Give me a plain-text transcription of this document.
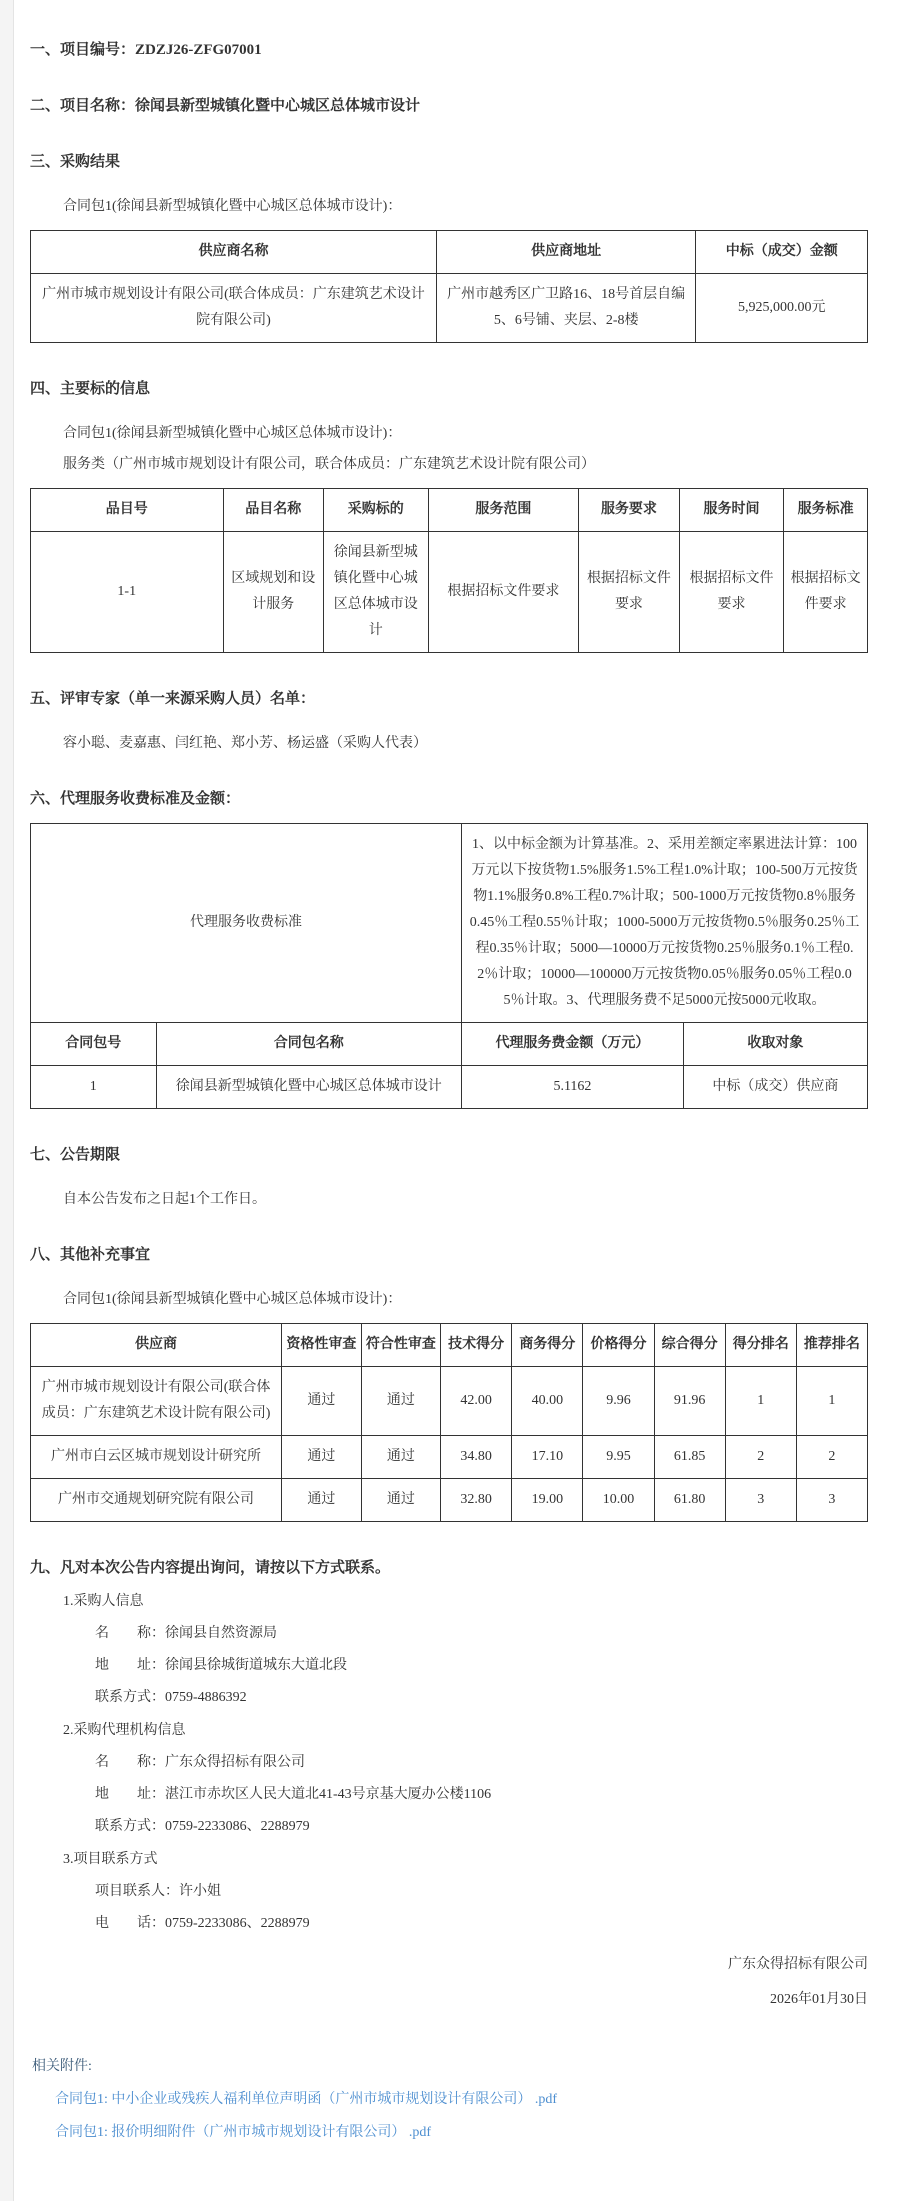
一、项目编号：ZDZJ26-ZFG07001
二、项目名称：徐闻县新型城镇化暨中心城区总体城市设计
三、采购结果
合同包1(徐闻县新型城镇化暨中心城区总体城市设计)：
供应商名称	供应商地址	中标（成交）金额
广州市城市规划设计有限公司(联合体成员：广东建筑艺术设计院有限公司)	广州市越秀区广卫路16、18号首层自编5、6号铺、夹层、2-8楼	5,925,000.00元
四、主要标的信息
合同包1(徐闻县新型城镇化暨中心城区总体城市设计)：
服务类（广州市城市规划设计有限公司，联合体成员：广东建筑艺术设计院有限公司）
品目号	品目名称	采购标的	服务范围	服务要求	服务时间	服务标准
1-1	区域规划和设计服务	徐闻县新型城镇化暨中心城区总体城市设计	根据招标文件要求	根据招标文件要求	根据招标文件要求	根据招标文件要求
五、评审专家（单一来源采购人员）名单：
容小聪、麦嘉惠、闫红艳、郑小芳、杨运盛（采购人代表）
六、代理服务收费标准及金额：
代理服务收费标准		1、以中标金额为计算基准。2、采用差额定率累进法计算：100万元以下按货物1.5%服务1.5%工程1.0%计取；100-500万元按货物1.1%服务0.8%工程0.7%计取；500-1000万元按货物0.8％服务0.45％工程0.55％计取；1000-5000万元按货物0.5％服务0.25％工程0.35％计取；5000—10000万元按货物0.25％服务0.1％工程0.2％计取；10000—100000万元按货物0.05％服务0.05％工程0.05％计取。3、代理服务费不足5000元按5000元收取。	
合同包号	合同包名称	代理服务费金额（万元）	收取对象
1	徐闻县新型城镇化暨中心城区总体城市设计	5.1162	中标（成交）供应商
七、公告期限
自本公告发布之日起1个工作日。
八、其他补充事宜
合同包1(徐闻县新型城镇化暨中心城区总体城市设计)：
供应商	资格性审查	符合性审查	技术得分	商务得分	价格得分	综合得分	得分排名	推荐排名
广州市城市规划设计有限公司(联合体成员：广东建筑艺术设计院有限公司)	通过	通过	42.00	40.00	9.96	91.96	1	1
广州市白云区城市规划设计研究所	通过	通过	34.80	17.10	9.95	61.85	2	2
广州市交通规划研究院有限公司	通过	通过	32.80	19.00	10.00	61.80	3	3
九、凡对本次公告内容提出询问，请按以下方式联系。
1.采购人信息
名　　称：徐闻县自然资源局
地　　址：徐闻县徐城街道城东大道北段
联系方式：0759-4886392
2.采购代理机构信息
名　　称：广东众得招标有限公司
地　　址：湛江市赤坎区人民大道北41-43号京基大厦办公楼1106
联系方式：0759-2233086、2288979
3.项目联系方式
项目联系人：许小姐
电　　话：0759-2233086、2288979
广东众得招标有限公司
2026年01月30日
相关附件:
合同包1: 中小企业或残疾人福利单位声明函（广州市城市规划设计有限公司） .pdf
合同包1: 报价明细附件（广州市城市规划设计有限公司） .pdf
